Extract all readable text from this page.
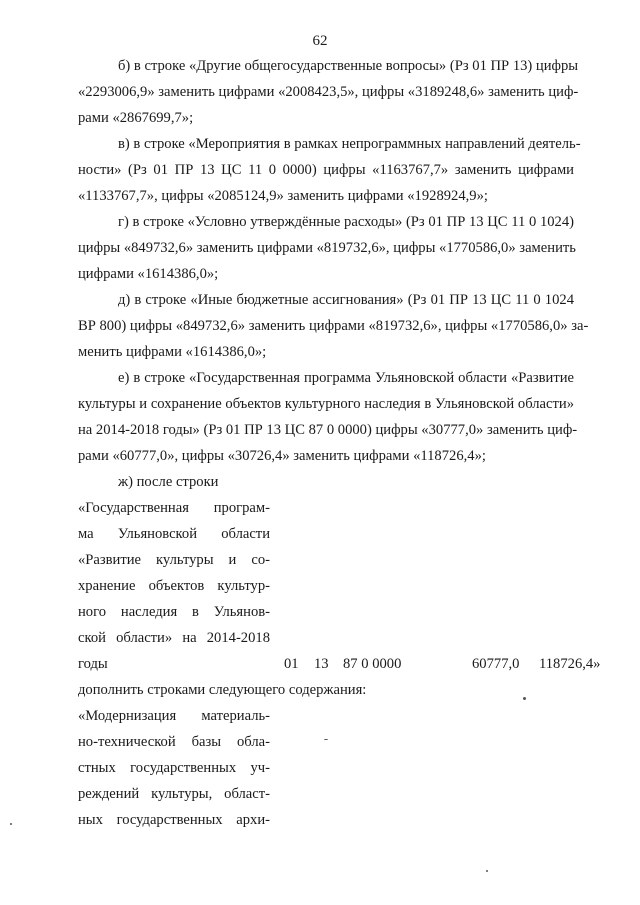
62
б) в строке «Другие общегосударственные вопросы» (Рз 01 ПР 13) цифры
«2293006,9» заменить цифрами «2008423,5», цифры «3189248,6» заменить циф-
рами «2867699,7»;
в) в строке «Мероприятия в рамках непрограммных направлений деятель-
ности» (Рз 01 ПР 13 ЦС 11 0 0000) цифры «1163767,7» заменить цифрами
«1133767,7», цифры «2085124,9» заменить цифрами «1928924,9»;
г) в строке «Условно утверждённые расходы» (Рз 01 ПР 13 ЦС 11 0 1024)
цифры «849732,6» заменить цифрами «819732,6», цифры «1770586,0» заменить
цифрами «1614386,0»;
д) в строке «Иные бюджетные ассигнования» (Рз 01 ПР 13 ЦС 11 0 1024
ВР 800) цифры «849732,6» заменить цифрами «819732,6», цифры «1770586,0» за-
менить цифрами «1614386,0»;
е) в строке «Государственная программа Ульяновской области «Развитие
культуры и сохранение объектов культурного наследия в Ульяновской области»
на 2014-2018 годы» (Рз 01 ПР 13 ЦС 87 0 0000) цифры «30777,0» заменить циф-
рами «60777,0», цифры «30726,4» заменить цифрами «118726,4»;
ж) после строки
«Государственная програм-
ма Ульяновской области
«Развитие культуры и со-
хранение объектов культур-
ного наследия в Ульянов-
ской области» на 2014-2018
годы	01 13 87 0 0000	60777,0 118726,4»
дополнить строками следующего содержания:
«Модернизация материаль-
но-технической базы обла-
стных государственных уч-
реждений культуры, област-
ных государственных архи-
